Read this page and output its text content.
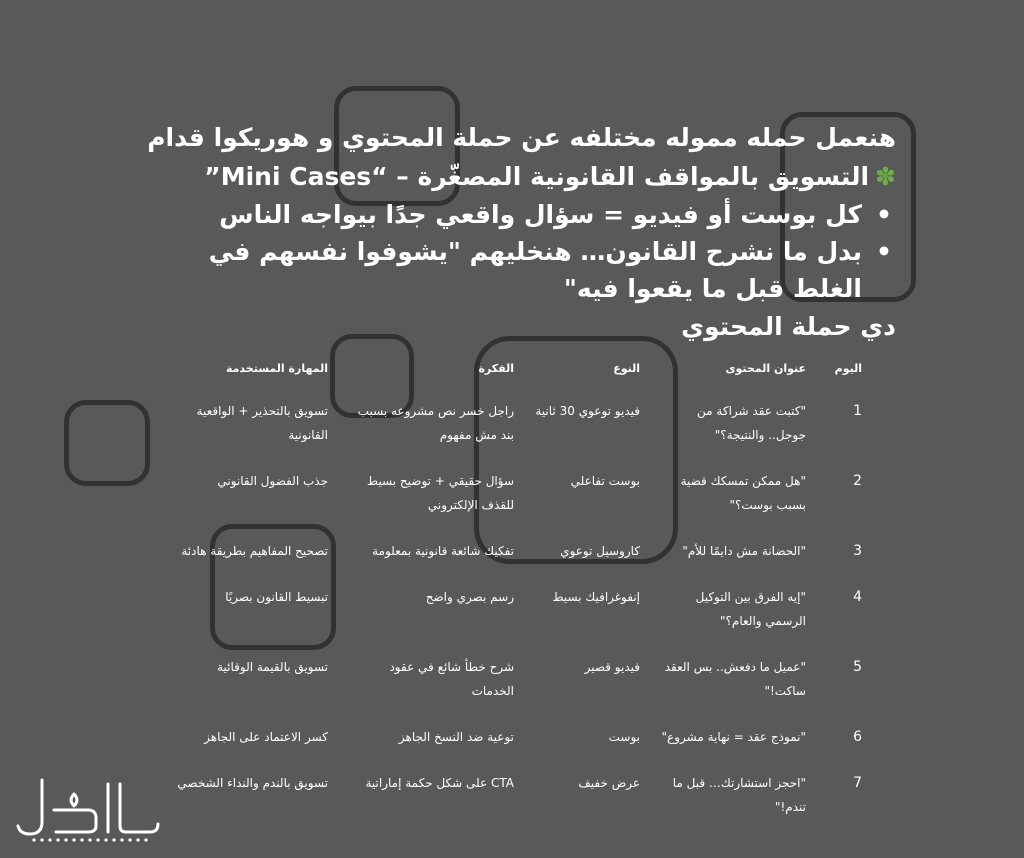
هنعمل حمله مموله مختلفه عن حملة المحتوي و هوريكوا قدام

✽التسويق بالمواقف القانونية المصغّرة – “Mini Cases”

• كل بوست أو فيديو = سؤال واقعي جدًا بيواجه الناس

• بدل ما نشرح القانون… هنخليهم "يشوفوا نفسهم في الغلط قبل ما يقعوا فيه"

دي حملة المحتوي

اليوم	عنوان المحتوى	النوع	الفكرة	المهارة المستخدمة
1	"كتبت عقد شراكة من جوجل.. والنتيجة؟"	فيديو توعوي 30 ثانية	راجل خسر نص مشروعه بسبب بند مش مفهوم	تسويق بالتحذير + الواقعية القانونية
2	"هل ممكن تمسكك قضية بسبب بوست؟"	بوست تفاعلي	سؤال حقيقي + توضيح بسيط للقذف الإلكتروني	جذب الفضول القانوني
3	"الحضانة مش دايمًا للأم"	كاروسيل توعوي	تفكيك شائعة قانونية بمعلومة	تصحيح المفاهيم بطريقة هادئة
4	"إيه الفرق بين التوكيل الرسمي والعام؟"	إنفوغرافيك بسيط	رسم بصري واضح	تبسيط القانون بصريًا
5	"عميل ما دفعش.. بس العقد ساكت!"	فيديو قصير	شرح خطأ شائع في عقود الخدمات	تسويق بالقيمة الوقائية
6	"نموذج عقد = نهاية مشروع"	بوست	توعية ضد النسخ الجاهز	كسر الاعتماد على الجاهز
7	"احجز استشارتك… قبل ما تندم!"	عرض خفيف	CTA على شكل حكمة إماراتية	تسويق بالندم والنداء الشخصي
